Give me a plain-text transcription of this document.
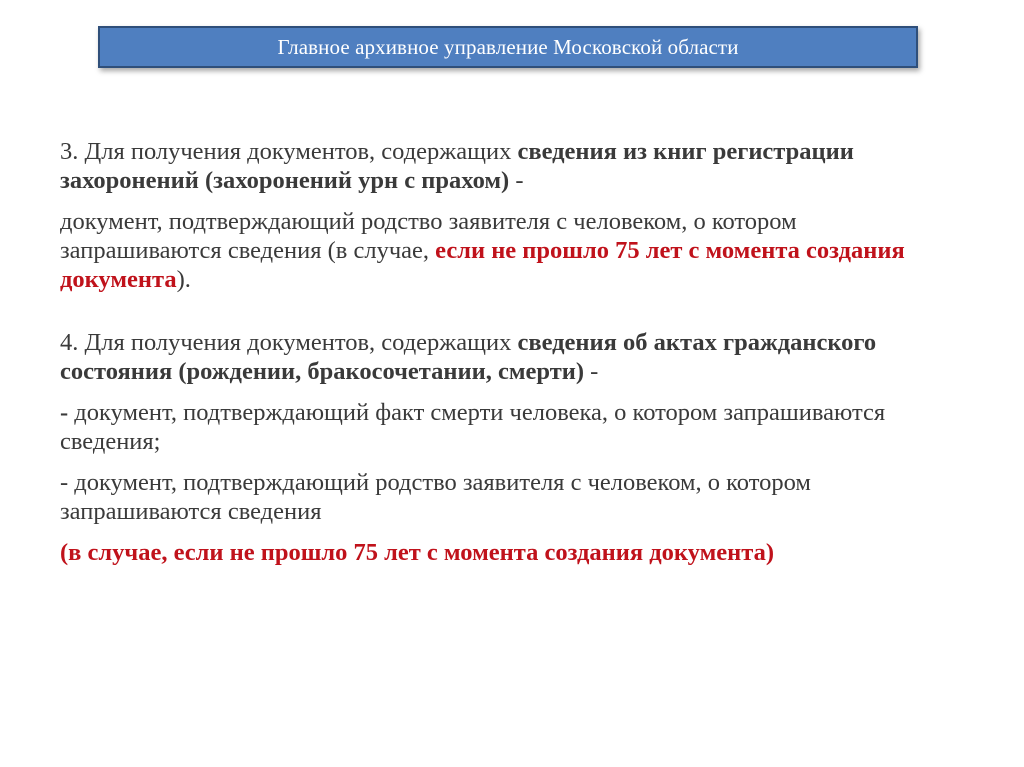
Главное архивное управление Московской области

3. Для получения документов, содержащих сведения из книг регистрации захоронений (захоронений урн с прахом) -

документ, подтверждающий родство заявителя с человеком, о котором запрашиваются сведения (в случае, если не прошло 75 лет с момента создания документа).

4. Для получения документов, содержащих сведения об актах гражданского состояния (рождении, бракосочетании, смерти) -

- документ, подтверждающий факт смерти человека, о котором запрашиваются сведения;

- документ, подтверждающий родство заявителя с человеком, о котором запрашиваются сведения

(в случае, если не прошло 75 лет с момента создания документа)
